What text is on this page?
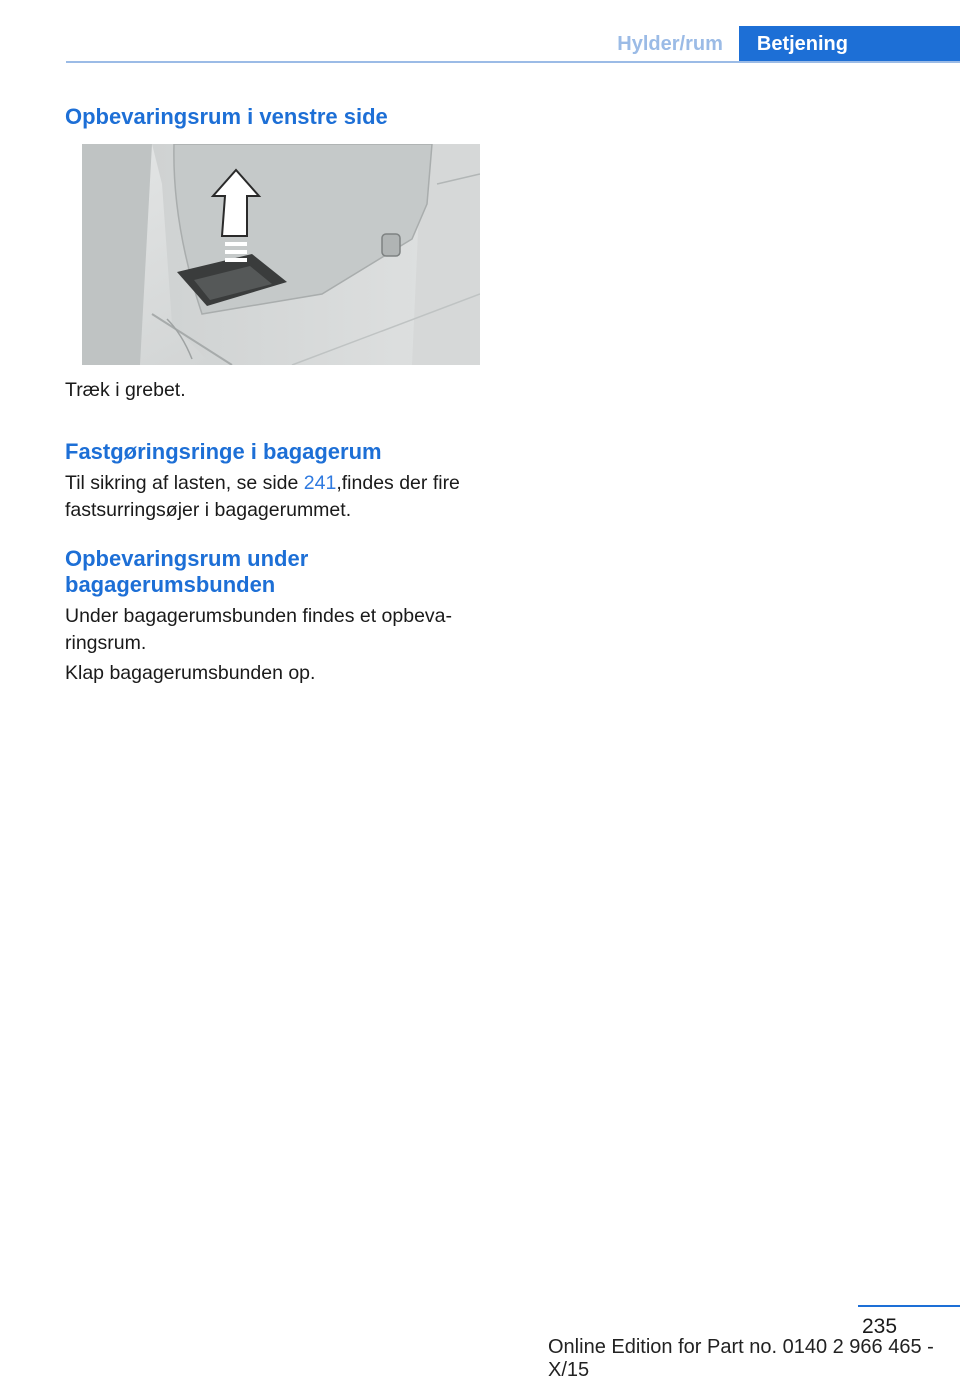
Hylder/rum	Betjening
Opbevaringsrum i venstre side

Træk i grebet.

Fastgøringsringe i bagagerum

Til sikring af lasten, se side 241,findes der fire
fastsurringsøjer i bagagerummet.

Opbevaringsrum under
bagagerumsbunden

Under bagagerumsbunden findes et opbeva-
ringsrum.

Klap bagagerumsbunden op.

235
Online Edition for Part no. 0140 2 966 465 - X/15
